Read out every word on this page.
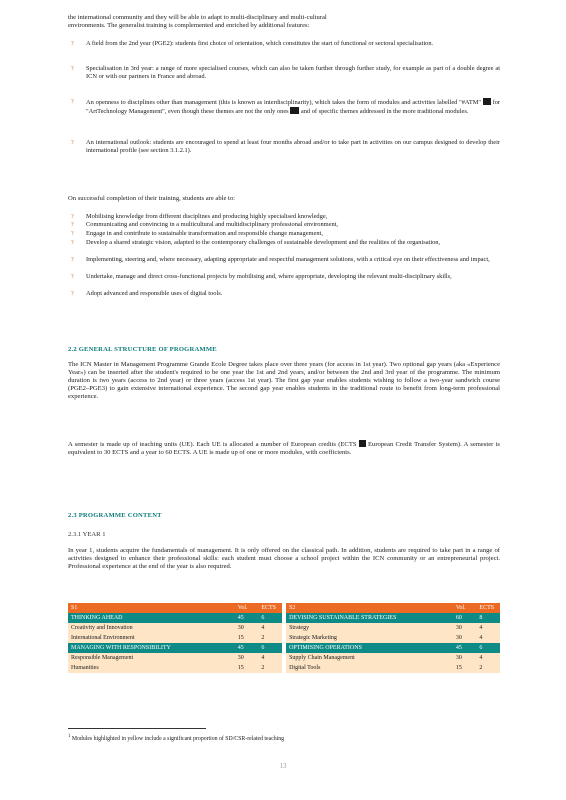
the international community and they will be able to adapt to multi-disciplinary and multi-cultural
environments. The generalist training is complemented and enriched by additional features:
? A field from the 2nd year (PGE2): students first choice of orientation, which constitutes the start of functional or sectoral specialisation.
? Specialisation in 3rd year: a range of more specialised courses, which can also be taken further through further study, for example as part of a double degree at ICN or with our partners in France and abroad.
? An openness to disciplines other than management (this is known as interdisciplinarity), which takes the form of modules and activities labelled "#ATM" for "ArtTechnology Management", even though these themes are not the only ones and of specific themes addressed in the more traditional modules.
? An international outlook: students are encouraged to spend at least four months abroad and/or to take part in activities on our campus designed to develop their international profile (see section 3.1.2.1).
On successful completion of their training, students are able to:
? Mobilising knowledge from different disciplines and producing highly specialised knowledge,
? Communicating and convincing in a multicultural and multidisciplinary professional environment,
? Engage in and contribute to sustainable transformation and responsible change management,
? Develop a shared strategic vision, adapted to the contemporary challenges of sustainable development and the realities of the organisation,
? Implementing, steering and, where necessary, adapting appropriate and respectful management solutions, with a critical eye on their effectiveness and impact,
? Undertake, manage and direct cross-functional projects by mobilising and, where appropriate, developing the relevant multi-disciplinary skills,
? Adopt advanced and responsible uses of digital tools.
2.2 GENERAL STRUCTURE OF PROGRAMME
The ICN Master in Management Programme Grande Ecole Degree takes place over three years (for access in 1st year). Two optional gap years (aka «Experience Year») can be inserted after the student's required to be one year the 1st and 2nd years, and/or between the 2nd and 3rd year of the programme. The minimum duration is two years (access to 2nd year) or three years (access 1st year). The first gap year enables students wishing to follow a two-year sandwich course (PGE2–PGE3) to gain extensive international experience. The second gap year enables students in the traditional route to benefit from long-term professional experience.
A semester is made up of teaching units (UE). Each UE is allocated a number of European credits (ECTS European Credit Transfer System). A semester is equivalent to 30 ECTS and a year to 60 ECTS. A UE is made up of one or more modules, with coefficients.
2.3 PROGRAMME CONTENT
2.3.1 YEAR 1
In year 1, students acquire the fundamentals of management. It is only offered on the classical path. In addition, students are required to take part in a range of activities designed to enhance their professional skills: each student must choose a school project within the ICN community or an entrepreneurial project. Professional experience at the end of the year is also required.
S1	Vol.	ECTS		S2	Vol.	ECTS
THINKING AHEAD	45	6		DEVISING SUSTAINABLE STRATEGIES	60	8
Creativity and Innovation	30	4		Strategy	30	4
International Environment	15	2		Strategic Marketing	30	4
MANAGING WITH RESPONSIBILITY	45	6		OPTIMISING OPERATIONS	45	6
Responsible Management	30	4		Supply Chain Management	30	4
Humanities	15	2		Digital Tools	15	2
$^1$ Modules highlighted in yellow include a significant proportion of SD/CSR-related teaching
13
